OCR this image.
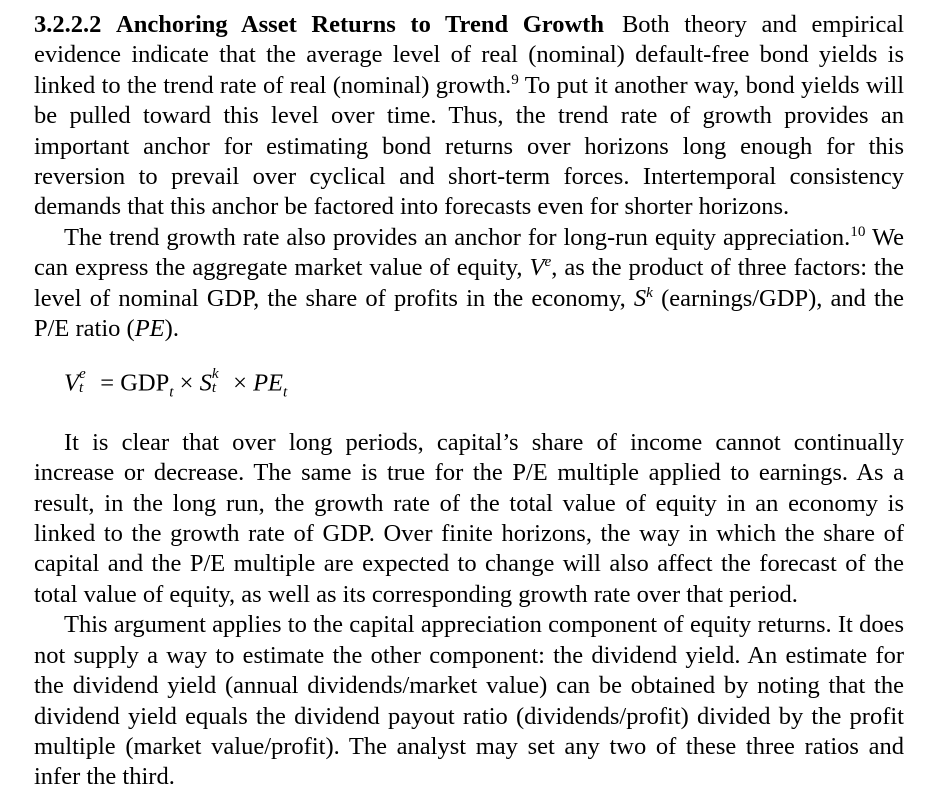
3.2.2.2 Anchoring Asset Returns to Trend Growth Both theory and empirical evidence indicate that the average level of real (nominal) default-free bond yields is linked to the trend rate of real (nominal) growth.$^9$ To put it another way, bond yields will be pulled toward this level over time. Thus, the trend rate of growth provides an important anchor for estimating bond returns over horizons long enough for this reversion to prevail over cyclical and short-term forces. Intertemporal consistency demands that this anchor be factored into forecasts even for shorter horizons.

The trend growth rate also provides an anchor for long-run equity appreciation.$^{10}$ We can express the aggregate market value of equity, Ve, as the product of three factors: the level of nominal GDP, the share of profits in the economy, $S^k$ (earnings/GDP), and the P/E ratio (PE).

V e
$t = GDP_t \times S$ k
$t \times PE_t$

It is clear that over long periods, capital’s share of income cannot continually increase or decrease. The same is true for the P/E multiple applied to earnings. As a result, in the long run, the growth rate of the total value of equity in an economy is linked to the growth rate of GDP. Over finite horizons, the way in which the share of capital and the P/E multiple are expected to change will also affect the forecast of the total value of equity, as well as its corresponding growth rate over that period.

This argument applies to the capital appreciation component of equity returns. It does not supply a way to estimate the other component: the dividend yield. An estimate for the dividend yield (annual dividends/market value) can be obtained by noting that the dividend yield equals the dividend payout ratio (dividends/profit) divided by the profit multiple (market value/profit). The analyst may set any two of these three ratios and infer the third.
